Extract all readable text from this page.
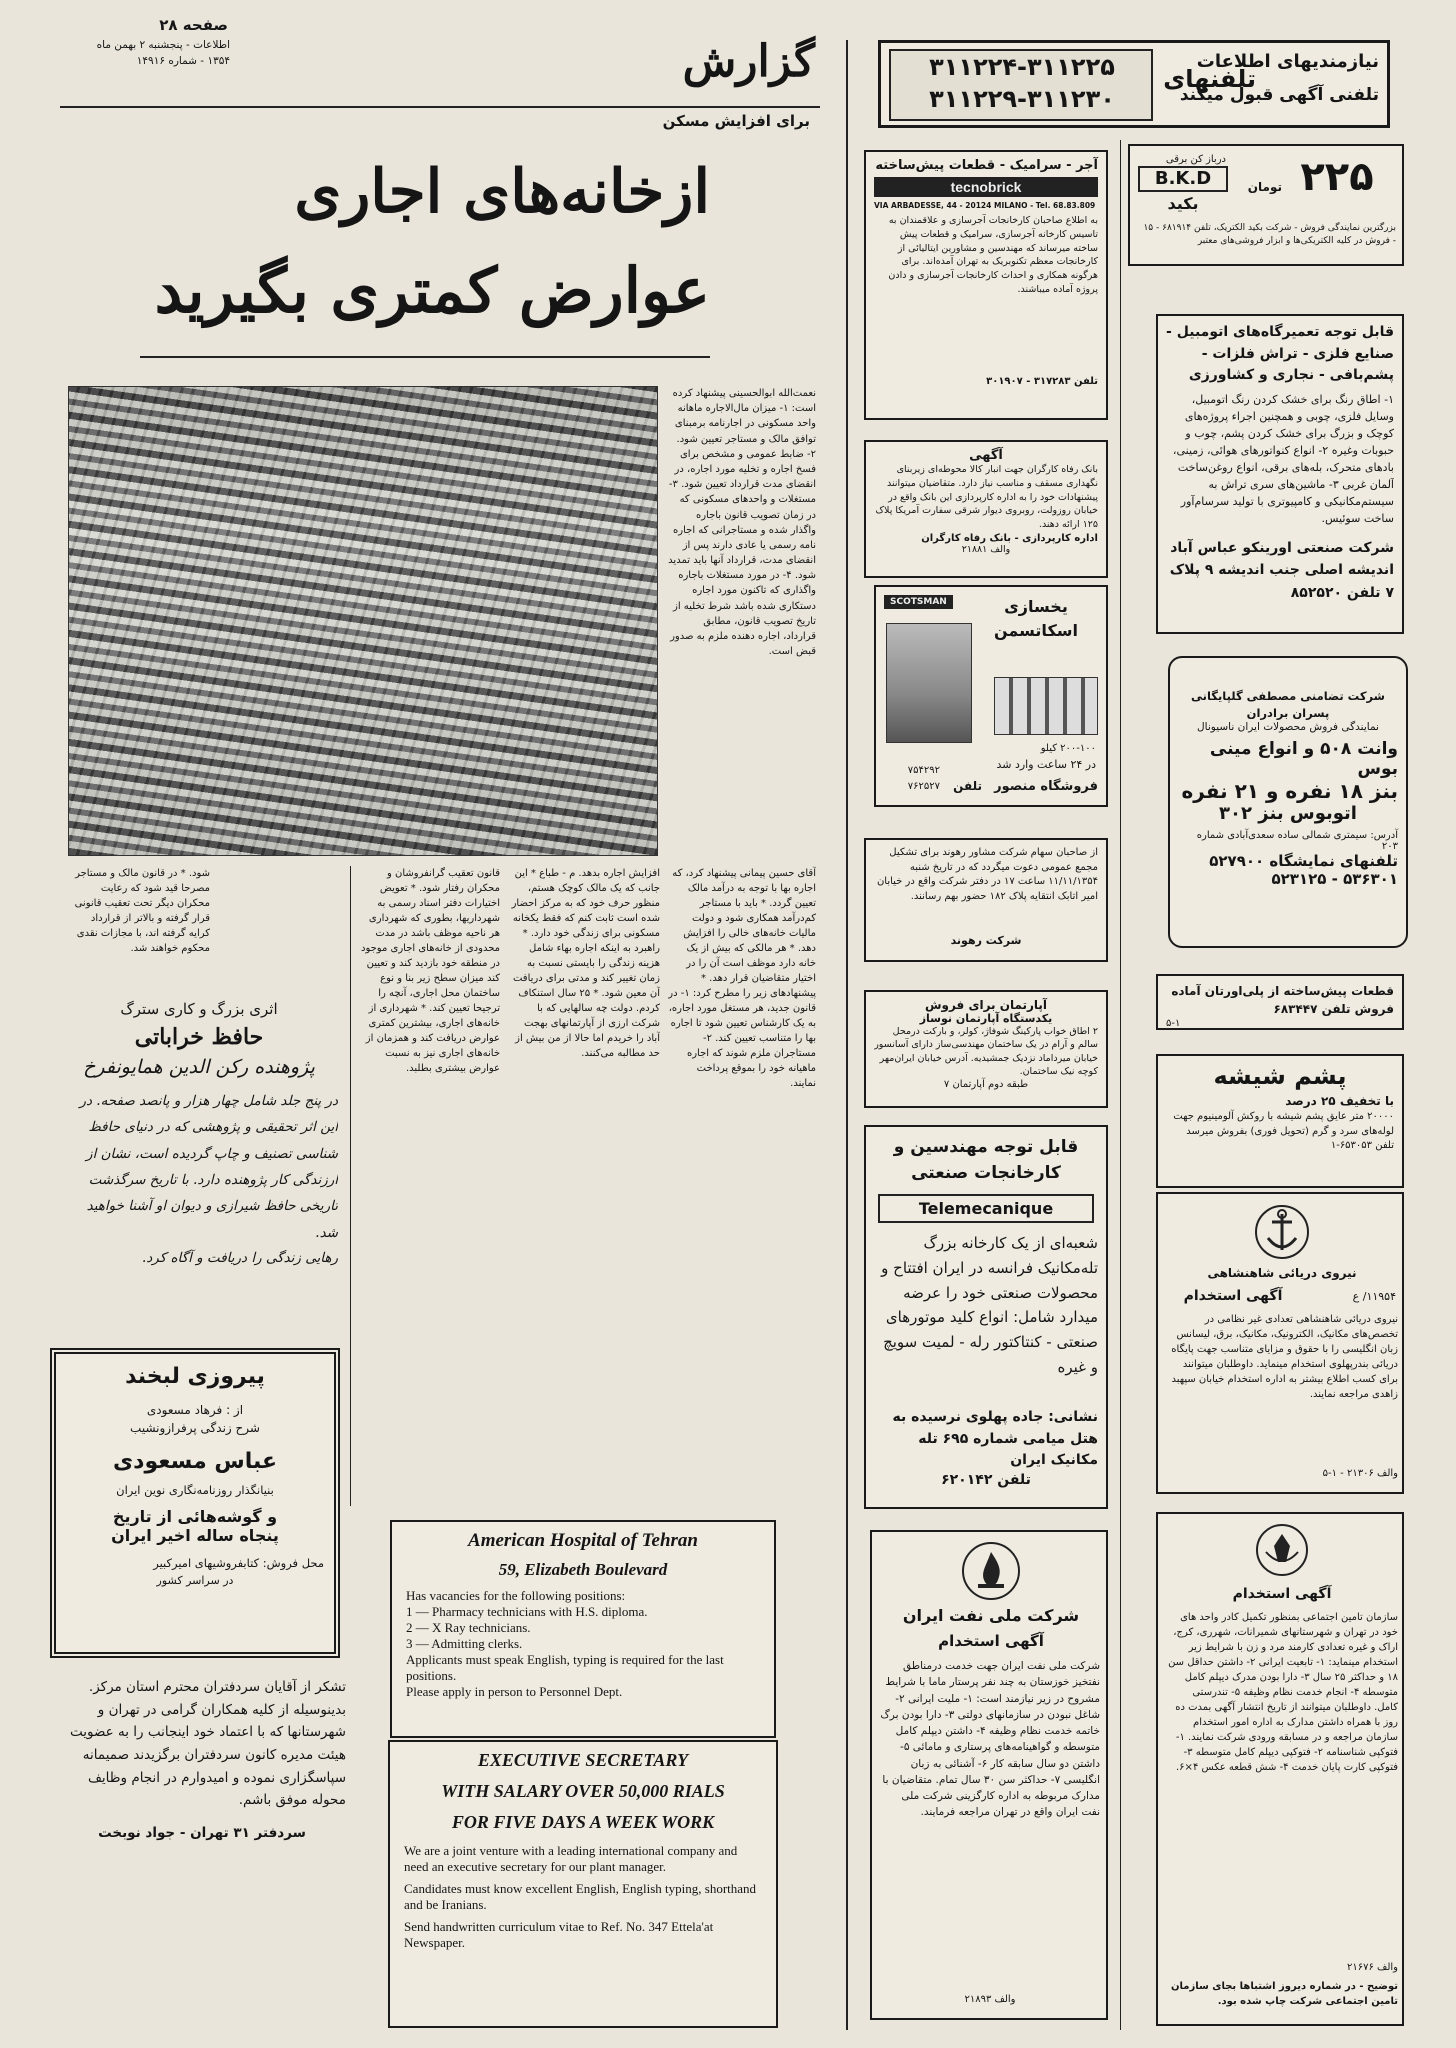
صفحه ۲۸
اطلاعات - پنجشنبه ۲ بهمن ماه
۱۳۵۴ - شماره ۱۴۹۱۶	گزارش	نیازمندیهای اطلاعات
تلفنی آگهی قبول میکند
تلفنهای
۳۱۱۲۲۴-۳۱۱۲۲۵
۳۱۱۲۲۹-۳۱۱۲۳۰
برای افزایش مسکن
ازخانه‌های اجاری
عوارض کمتری بگیرید
نعمت‌الله ابوالحسینی پیشنهاد کرده است: ۱- میزان مال‌الاجاره ماهانه واحد مسکونی در اجارنامه برمبنای توافق مالک و مستاجر تعیین شود. ۲- ضابط عمومی و مشخص برای فسخ اجاره و تخلیه مورد اجاره، در انقضای مدت قرارداد تعیین شود. ۳- مستغلات و واحدهای مسکونی که در زمان تصویب قانون باجاره واگذار شده و مستاجرانی که اجاره نامه رسمی یا عادی دارند پس از انقضای مدت، قرارداد آنها باید تمدید شود. ۴- در مورد مستغلات باجاره واگذاری که تاکنون مورد اجاره دستکاری شده باشد شرط تخلیه از تاریخ تصویب قانون، مطابق قرارداد، اجاره دهنده ملزم به صدور قبض است.
شود. * در قانون مالک و مستاجر مصرحا قید شود که رعایت محکران دیگر تحت تعقیب قانونی قرار گرفته و بالاتر از قرارداد کرایه گرفته اند، با مجازات نقدی محکوم خواهند شد.
قانون تعقیب گرانفروشان و محکران رفتار شود. * تعویض اختیارات دفتر اسناد رسمی به شهرداریها، بطوری که شهرداری هر ناحیه موظف باشد در مدت محدودی از خانه‌های اجاری موجود در منطقه خود بازدید کند و تعیین کند میزان سطح زیر بنا و نوع ساختمان محل اجاری، آنچه را ترجیحا تعیین کند. * شهرداری از خانه‌های اجاری، بیشترین کمتری عوارض دریافت کند و همزمان از خانه‌های اجاری نیز به نسبت عوارض بیشتری بطلبد.
افزایش اجاره بدهد. م - طباع * این جانب که یک مالک کوچک هستم، منظور حرف خود که به مرکز احضار شده است ثابت کنم که فقط یکخانه مسکونی برای زندگی خود دارد. * راهبرد به اینکه اجاره بهاء شامل هزینه زندگی را بایستی نسبت به زمان تغییر کند و مدتی برای دریافت آن معین شود. * ۲۵ سال استنکاف کردم. دولت چه سالهایی که با شرکت ارزی از آپارتمانهای بهجت آباد را خریدم اما حالا از من بیش از حد مطالبه می‌کنند.
آقای حسین پیمانی پیشنهاد کرد، که اجاره بها با توجه به درآمد مالک تعیین گردد. * باید با مستاجر کم‌درآمد همکاری شود و دولت مالیات خانه‌های خالی را افزایش دهد. * هر مالکی که بیش از یک خانه دارد موظف است آن را در اختیار متقاضیان قرار دهد. * پیشنهادهای زیر را مطرح کرد: ۱- در قانون جدید، هر مستغل مورد اجاره، به یک کارشناس تعیین شود تا اجاره بها را متناسب تعیین کند. ۲- مستاجران ملزم شوند که اجاره ماهیانه خود را بموقع پرداخت نمایند.
اثری بزرگ و کاری سترگ
حافظ خراباتی
پژوهنده رکن الدین همایونفرخ
در پنج جلد شامل چهار هزار و پانصد صفحه. در این اثر تحقیقی و پژوهشی که در دنیای حافظ شناسی تصنیف و چاپ گردیده است، نشان از ارزندگی کار پژوهنده دارد. با تاریخ سرگذشت تاریخی حافظ شیرازی و دیوان او آشنا خواهید شد.
رهایی زندگی را دریافت و آگاه کرد.
پیروزی لبخند
از : فرهاد مسعودی
شرح زندگی پرفرازونشیب
عباس مسعودی
بنیانگذار روزنامه‌نگاری نوین ایران
و گوشه‌هائی از تاریخ
پنجاه ساله اخیر ایران
محل فروش: کتابفروشیهای امیرکبیر
در سراسر کشور
تشکر از آقایان سردفتران محترم استان مرکز. بدینوسیله از کلیه همکاران گرامی در تهران و شهرستانها که با اعتماد خود اینجانب را به عضویت هیئت مدیره کانون سردفتران برگزیدند صمیمانه سپاسگزاری نموده و امیدوارم در انجام وظایف محوله موفق باشم.
سردفتر ۳۱ تهران - جواد نوبخت
American Hospital of Tehran
59, Elizabeth Boulevard
Has vacancies for the following positions:
1 — Pharmacy technicians with H.S. diploma.
2 — X Ray technicians.
3 — Admitting clerks.
Applicants must speak English, typing is required for the last positions.
Please apply in person to Personnel Dept.
EXECUTIVE SECRETARY
WITH SALARY OVER 50,000 RIALS
FOR FIVE DAYS A WEEK WORK
We are a joint venture with a leading international company and need an executive secretary for our plant manager.
Candidates must know excellent English, English typing, shorthand and be Iranians.
Send handwritten curriculum vitae to Ref. No. 347 Ettela'at Newspaper.
آجر - سرامیک - قطعات پیش‌ساخته
tecnobrick
VIA ARBADESSE, 44 - 20124 MILANO - Tel. 68.83.809
به اطلاع صاحبان کارخانجات آجرسازی و علاقمندان به تاسیس کارخانه آجرسازی، سرامیک و قطعات پیش ساخته میرساند که مهندسین و مشاورین ایتالیائی از کارخانجات معظم تکنوبریک به تهران آمده‌اند. برای هرگونه همکاری و احداث کارخانجات آجرسازی و دادن پروژه آماده میباشند.
تلفن ۳۱۷۲۸۳ - ۳۰۱۹۰۷
آگهی
بانک رفاه کارگران جهت انبار کالا محوطه‌ای زیربنای نگهداری مسقف و مناسب نیاز دارد. متقاضیان میتوانند پیشنهادات خود را به اداره کارپردازی این بانک واقع در خیابان روزولت، روبروی دیوار شرقی سفارت آمریکا پلاک ۱۲۵ ارائه دهند.
اداره کارپردازی - بانک رفاه کارگران
والف ۲۱۸۸۱
SCOTSMAN	یخسازی
اسکاتسمن
۲۰۰-۱۰۰ کیلو
در ۲۴ ساعت وارد شد
فروشگاه منصور
تلفن
۷۵۴۲۹۲
۷۶۲۵۲۷
از صاحبان سهام شرکت مشاور رهوند برای تشکیل مجمع عمومی دعوت میگردد که در تاریخ شنبه ۱۱/۱۱/۱۳۵۴ ساعت ۱۷ در دفتر شرکت واقع در خیابان امیر اتابک انتقایه پلاک ۱۸۲ حضور بهم رسانند.
شرکت رهوند
آپارتمان برای فروش
یکدستگاه آپارتمان نوساز
۲ اطاق خواب پارکینگ شوفاژ، کولر، و بارکت درمحل سالم و آرام در یک ساختمان مهندسی‌ساز دارای آسانسور خیابان میرداماد نزدیک جمشیدیه. آدرس خیابان ایران‌مهر کوچه نیک ساختمان.
طبقه دوم آپارتمان ۷
قابل توجه مهندسین و کارخانجات صنعتی
Telemecanique
شعبه‌ای از یک کارخانه بزرگ تله‌مکانیک فرانسه در ایران افتتاح و محصولات صنعتی خود را عرضه میدارد شامل: انواع کلید موتورهای صنعتی - کنتاکتور رله - لمیت سویچ و غیره
نشانی: جاده پهلوی نرسیده به هتل میامی شماره ۶۹۵ تله مکانیک ایران
تلفن ۶۲۰۱۴۲
شرکت ملی نفت ایران
آگهی استخدام
شرکت ملی نفت ایران جهت خدمت درمناطق نفتخیز خوزستان به چند نفر پرستار ماما با شرایط مشروح در زیر نیازمند است: ۱- ملیت ایرانی ۲- شاغل نبودن در سازمانهای دولتی ۳- دارا بودن برگ خاتمه خدمت نظام وظیفه ۴- داشتن دیپلم کامل متوسطه و گواهینامه‌های پرستاری و مامائی ۵- داشتن دو سال سابقه کار ۶- آشنائی به زبان انگلیسی ۷- حداکثر سن ۳۰ سال تمام. متقاضیان با مدارک مربوطه به اداره کارگزینی شرکت ملی نفت ایران واقع در تهران مراجعه فرمایند.
والف ۲۱۸۹۳
درباز کن برقی	۲۲۵
تومان
B.K.D
بکید
بزرگترین نمایندگی فروش - شرکت بکید الکتریک، تلفن ۶۸۱۹۱۴ - ۱۵ - فروش در کلیه الکتریکی‌ها و ابزار فروشی‌های معتبر
قابل توجه تعمیرگاه‌های اتومبیل - صنایع فلزی - تراش فلزات - پشم‌بافی - نجاری و کشاورزی
۱- اطاق رنگ برای خشک کردن رنگ اتومبیل، وسایل فلزی، چوبی و همچنین اجراء پروژه‌های کوچک و بزرگ برای خشک کردن پشم، چوب و حبوبات وغیره ۲- انواع کنواتورهای هوائی، زمینی، بادهای متحرک، بله‌های برقی، انواع روغن‌ساخت آلمان غربی ۳- ماشین‌های سری تراش به سیستم‌مکانیکی و کامپیوتری با تولید سرسام‌آور ساخت سوئیس.
شرکت صنعتی اورینکو عباس آباد اندیشه اصلی جنب اندیشه ۹ پلاک ۷ تلفن ۸۵۲۵۲۰
شرکت تضامنی مصطفی گلپایگانی پسران برادران
نمایندگی فروش محصولات ایران ناسیونال
وانت ۵۰۸ و انواع مینی بوس
بنز ۱۸ نفره و ۲۱ نفره
اتوبوس بنز ۳۰۲
آدرس: سیمتری شمالی ساده سعدی‌آبادی شماره ۲۰۳
تلفنهای نمایشگاه ۵۲۷۹۰۰
۵۳۶۳۰۱ - ۵۲۳۱۲۵
قطعات پیش‌ساخته از پلی‌اورتان آماده فروش تلفن ۶۸۳۴۴۷
۵-۱
پشم شیشه
با تخفیف ۲۵ درصد
۲۰۰۰۰ متر عایق پشم شیشه با روکش آلومینیوم جهت لوله‌های سرد و گرم (تحویل فوری) بفروش میرسد تلفن ۶۵۳۰۵۳-۱
نیروی دریائی شاهنشاهی
۱۱۹۵۴/ ع
آگهی استخدام
نیروی دریائی شاهنشاهی تعدادی غیر نظامی در تخصص‌های مکانیک، الکترونیک، مکانیک، برق، لیسانس زبان انگلیسی را با حقوق و مزایای متناسب جهت پایگاه دریائی بندرپهلوی استخدام مینماید. داوطلبان میتوانند برای کسب اطلاع بیشتر به اداره استخدام خیابان سپهبد زاهدی مراجعه نمایند.
والف ۲۱۳۰۶ - ۱-۵
آگهی استخدام
سازمان تامین اجتماعی بمنظور تکمیل کادر واحد های خود در تهران و شهرستانهای شمیرانات، شهرری، کرج، اراک و غیره تعدادی کارمند مرد و زن با شرایط زیر استخدام مینماید: ۱- تابعیت ایرانی ۲- داشتن حداقل سن ۱۸ و حداکثر ۲۵ سال ۳- دارا بودن مدرک دیپلم کامل متوسطه ۴- انجام خدمت نظام وظیفه ۵- تندرستی کامل. داوطلبان میتوانند از تاریخ انتشار آگهی بمدت ده روز با همراه داشتن مدارک به اداره امور استخدام سازمان مراجعه و در مسابقه ورودی شرکت نمایند. ۱- فتوکپی شناسنامه ۲- فتوکپی دیپلم کامل متوسطه ۳- فتوکپی کارت پایان خدمت ۴- شش قطعه عکس ۴×۶.
والف ۲۱۶۷۶
توضیح - در شماره دیروز اشتباها بجای سازمان تامین اجتماعی شرکت چاپ شده بود.
